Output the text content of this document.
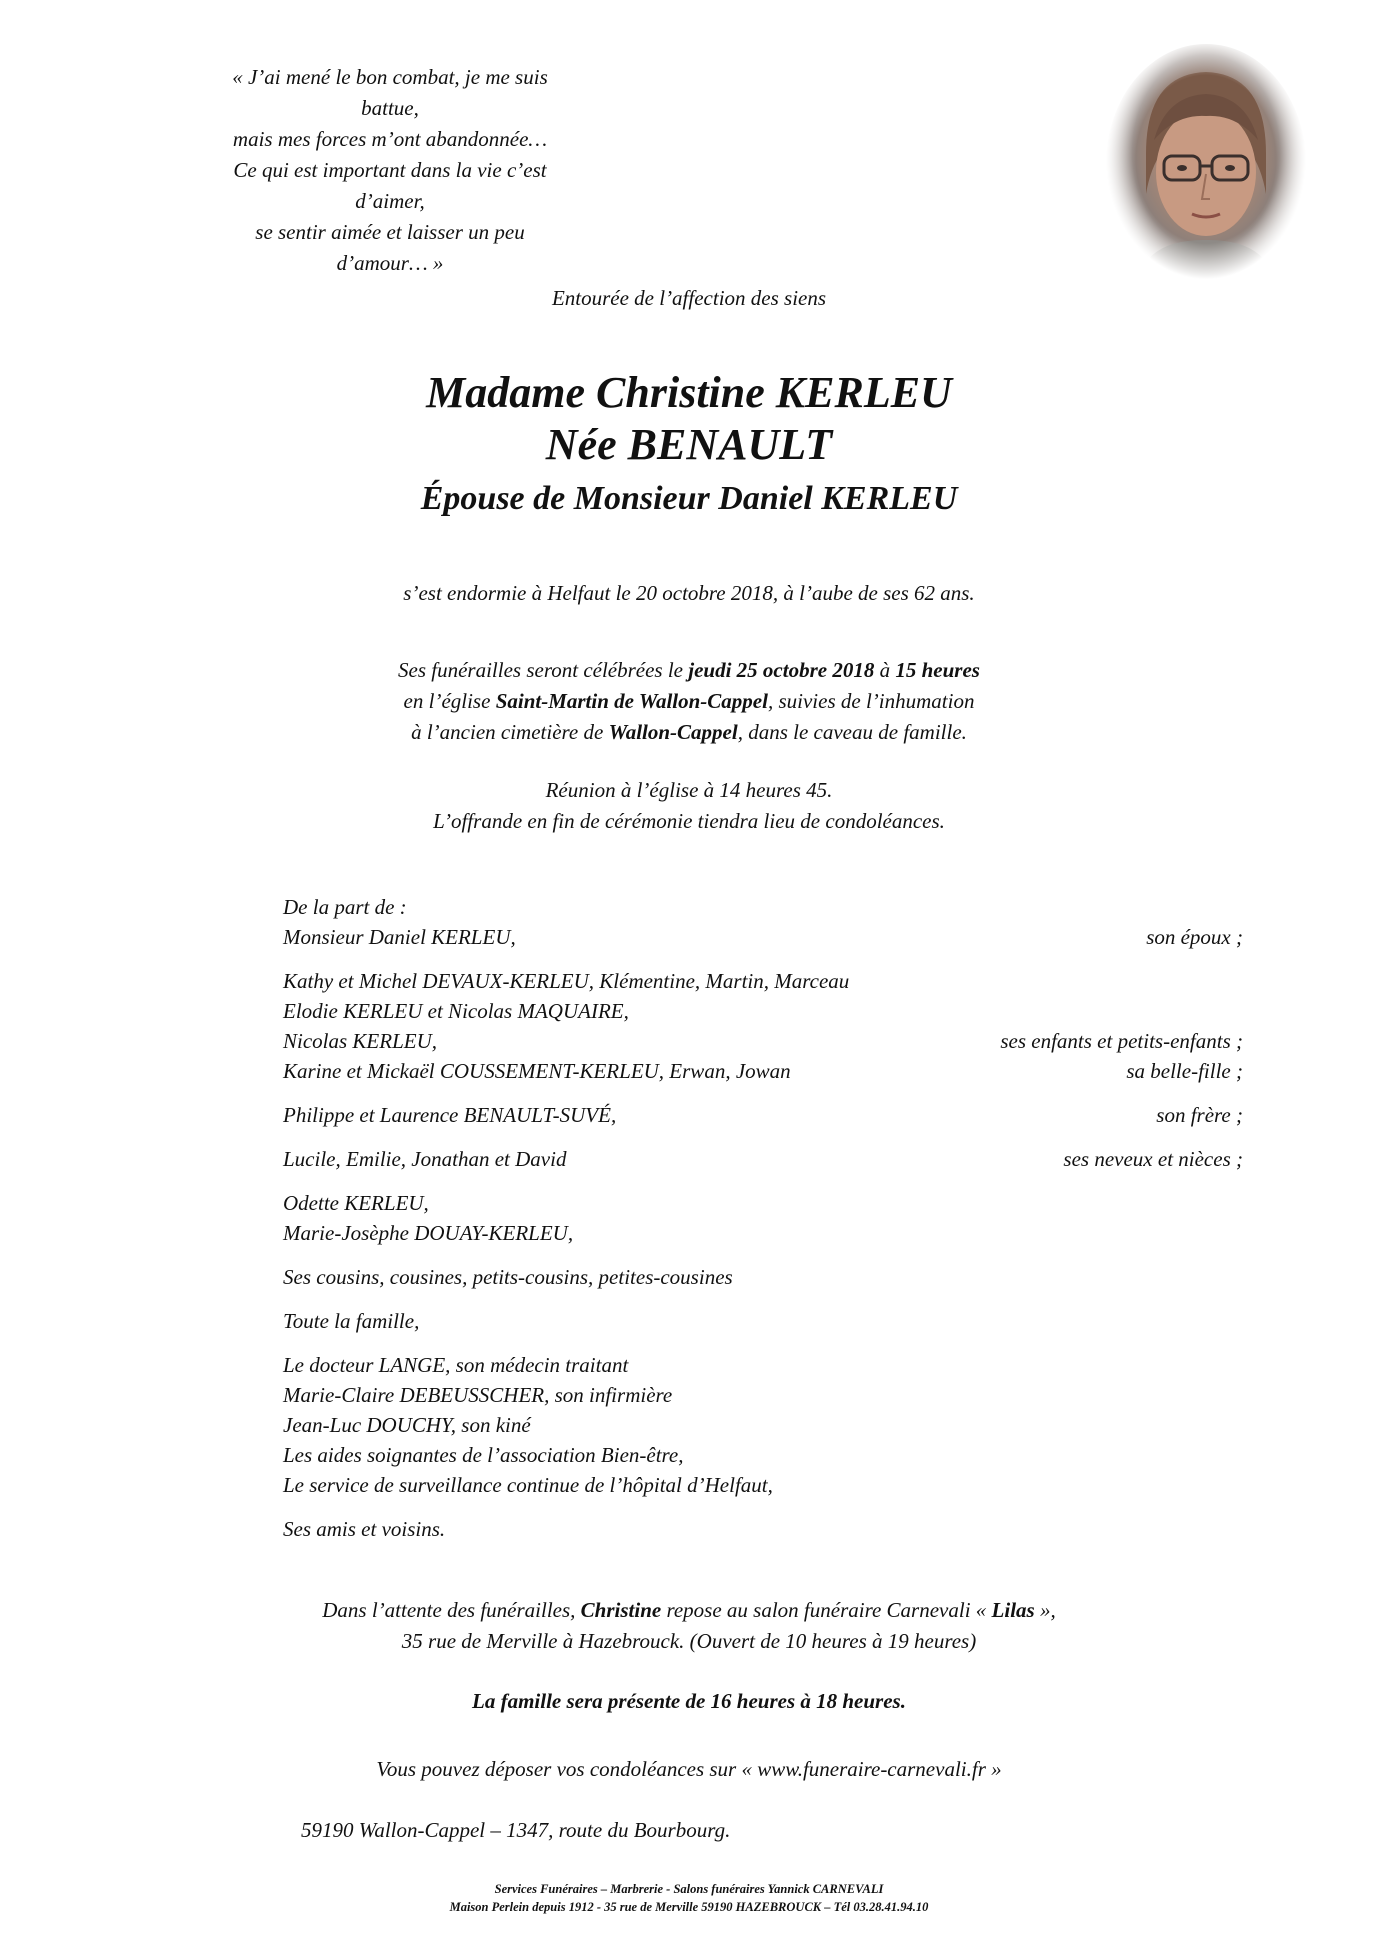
« J’ai mené le bon combat, je me suis battue,
mais mes forces m’ont abandonnée…
Ce qui est important dans la vie c’est d’aimer,
se sentir aimée et laisser un peu d’amour… »
Entourée de l’affection des siens
Madame Christine KERLEU
Née BENAULT
Épouse de Monsieur Daniel KERLEU
s’est endormie à Helfaut le 20 octobre 2018, à l’aube de ses 62 ans.
Ses funérailles seront célébrées le jeudi 25 octobre 2018 à 15 heures
en l’église Saint-Martin de Wallon-Cappel, suivies de l’inhumation
à l’ancien cimetière de Wallon-Cappel, dans le caveau de famille.
Réunion à l’église à 14 heures 45.
L’offrande en fin de cérémonie tiendra lieu de condoléances.
De la part de :
Monsieur Daniel KERLEU,	son époux ;
Kathy et Michel DEVAUX-KERLEU, Klémentine, Martin, Marceau
Elodie KERLEU et Nicolas MAQUAIRE,
Nicolas KERLEU,	ses enfants et petits-enfants ;
Karine et Mickaël COUSSEMENT-KERLEU, Erwan, Jowan	sa belle-fille ;
Philippe et Laurence BENAULT-SUVÉ,	son frère ;
Lucile, Emilie, Jonathan et David	ses neveux et nièces ;
Odette KERLEU,
Marie-Josèphe DOUAY-KERLEU,
Ses cousins, cousines, petits-cousins, petites-cousines
Toute la famille,
Le docteur LANGE, son médecin traitant
Marie-Claire DEBEUSSCHER, son infirmière
Jean-Luc DOUCHY, son kiné
Les aides soignantes de l’association Bien-être,
Le service de surveillance continue de l’hôpital d’Helfaut,
Ses amis et voisins.
Dans l’attente des funérailles, Christine repose au salon funéraire Carnevali « Lilas »,
35 rue de Merville à Hazebrouck. (Ouvert de 10 heures à 19 heures)
La famille sera présente de 16 heures à 18 heures.
Vous pouvez déposer vos condoléances sur « www.funeraire-carnevali.fr »
59190 Wallon-Cappel – 1347, route du Bourbourg.
Services Funéraires – Marbrerie - Salons funéraires Yannick CARNEVALI
Maison Perlein depuis 1912 - 35 rue de Merville 59190 HAZEBROUCK – Tél 03.28.41.94.10
